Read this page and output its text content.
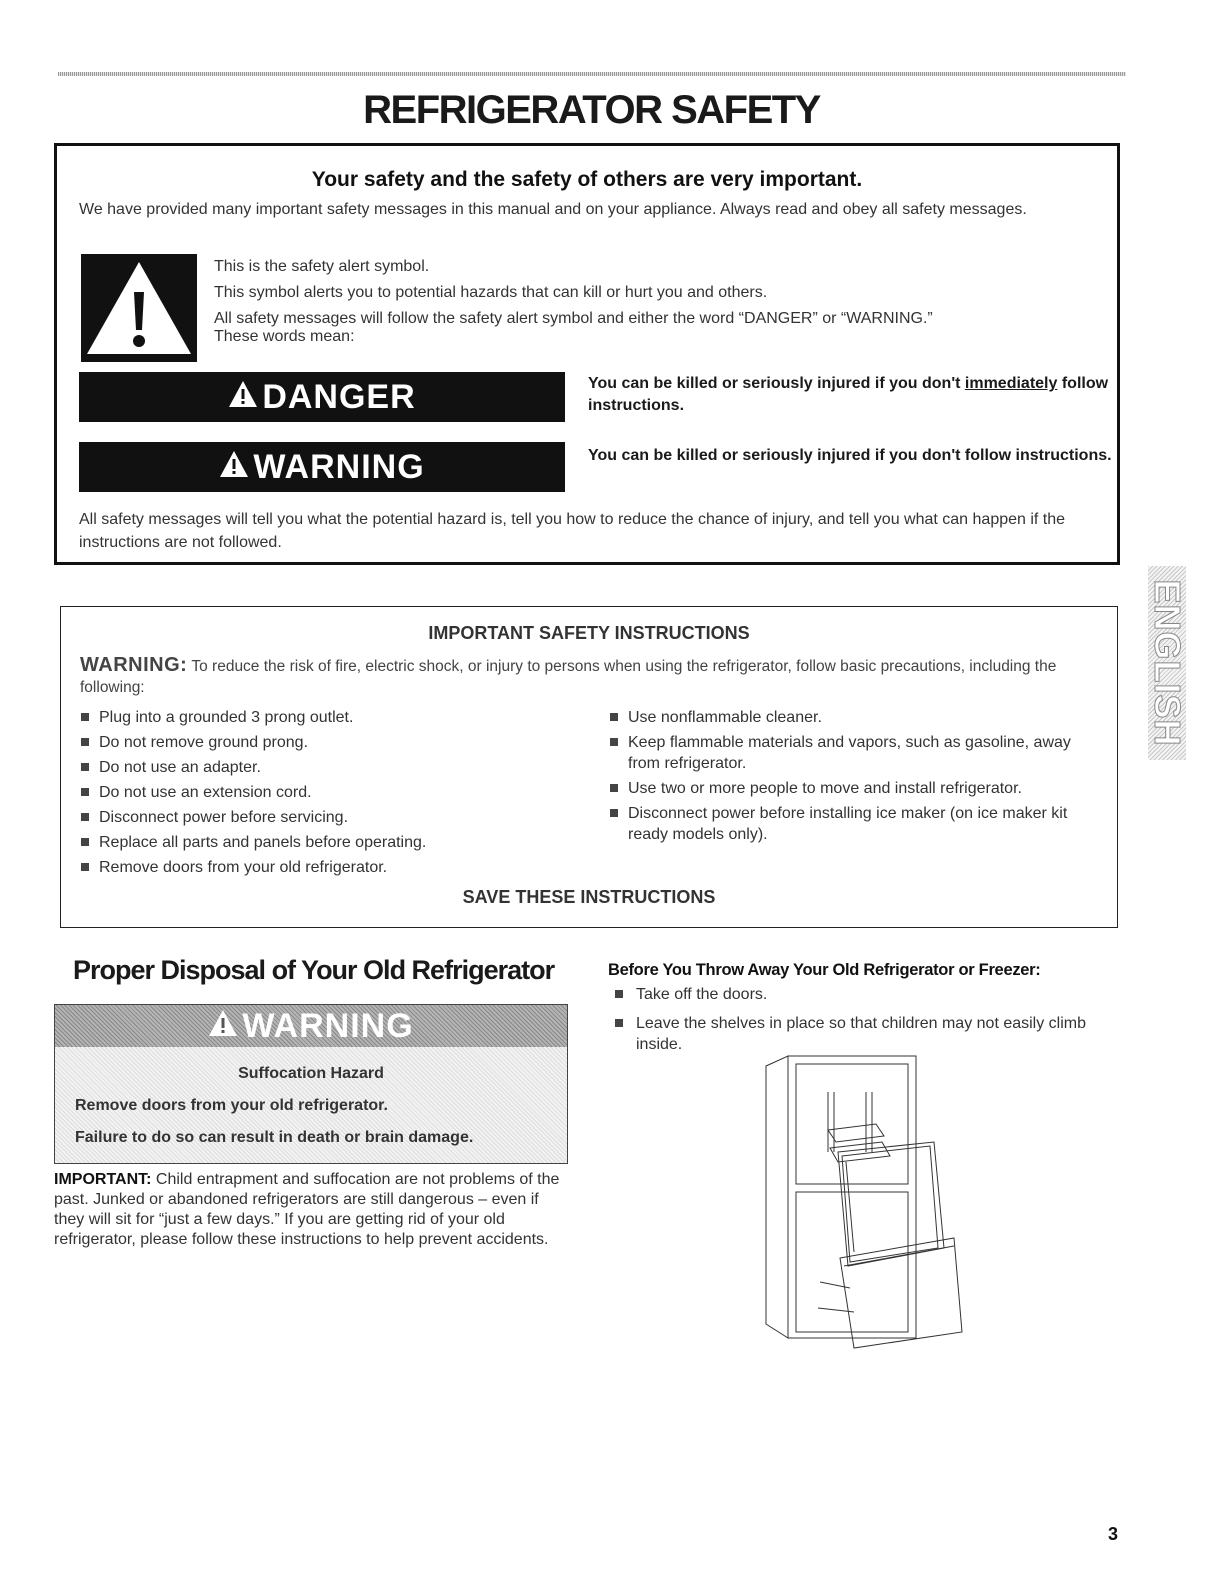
REFRIGERATOR SAFETY
Your safety and the safety of others are very important.
We have provided many important safety messages in this manual and on your appliance. Always read and obey all safety messages.
This is the safety alert symbol.
This symbol alerts you to potential hazards that can kill or hurt you and others.
All safety messages will follow the safety alert symbol and either the word “DANGER” or “WARNING.”
These words mean:
DANGER	You can be killed or seriously injured if you don't immediately follow instructions.
WARNING	You can be killed or seriously injured if you don't follow instructions.
All safety messages will tell you what the potential hazard is, tell you how to reduce the chance of injury, and tell you what can happen if the instructions are not followed.
IMPORTANT SAFETY INSTRUCTIONS
WARNING: To reduce the risk of fire, electric shock, or injury to persons when using the refrigerator, follow basic precautions, including the following:
Plug into a grounded 3 prong outlet.
Do not remove ground prong.
Do not use an adapter.
Do not use an extension cord.
Disconnect power before servicing.
Replace all parts and panels before operating.
Remove doors from your old refrigerator.
Use nonflammable cleaner.
Keep flammable materials and vapors, such as gasoline, away from refrigerator.
Use two or more people to move and install refrigerator.
Disconnect power before installing ice maker (on ice maker kit ready models only).
SAVE THESE INSTRUCTIONS
Proper Disposal of Your Old Refrigerator
WARNING
Suffocation Hazard
Remove doors from your old refrigerator.
Failure to do so can result in death or brain damage.
IMPORTANT: Child entrapment and suffocation are not problems of the past. Junked or abandoned refrigerators are still dangerous – even if they will sit for “just a few days.” If you are getting rid of your old refrigerator, please follow these instructions to help prevent accidents.
Before You Throw Away Your Old Refrigerator or Freezer:
Take off the doors.
Leave the shelves in place so that children may not easily climb inside.
ENGLISH
3
